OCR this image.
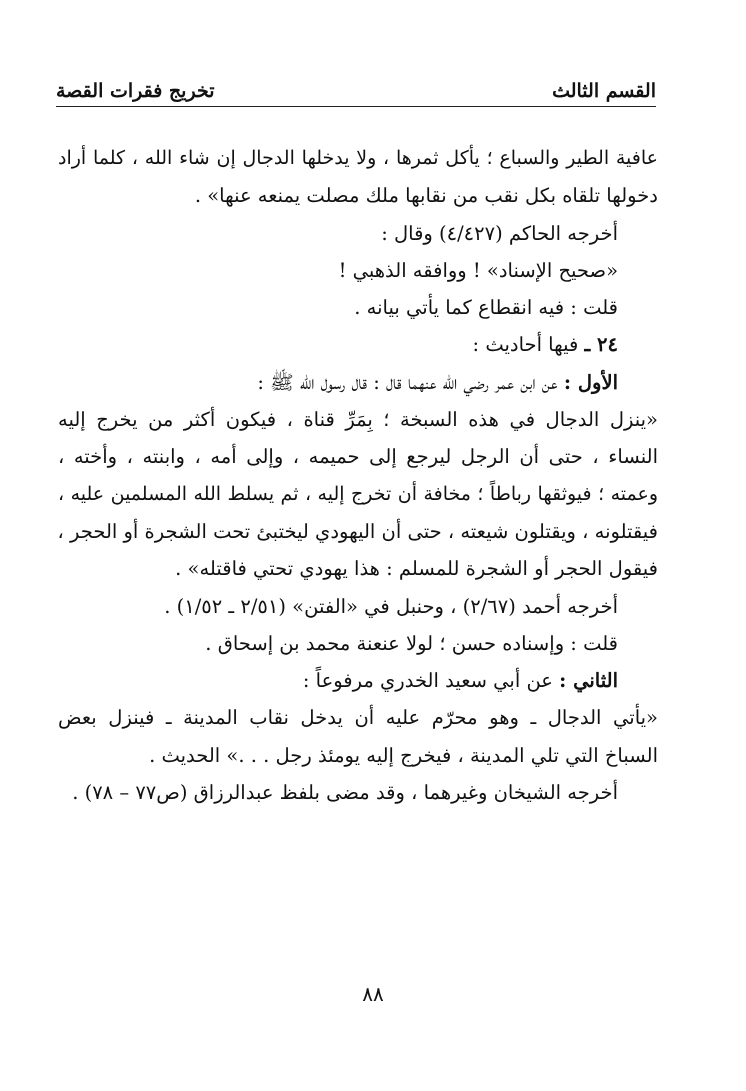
القسم الثالث
تخريج فقرات القصة
عافية الطير والسباع ؛ يأكل ثمرها ، ولا يدخلها الدجال إن شاء الله ، كلما أراد
دخولها تلقاه بكل نقب من نقابها ملك مصلت يمنعه عنها» .
أخرجه الحاكم (٤/٤٢٧) وقال :
«صحيح الإسناد» ! ووافقه الذهبي !
قلت : فيه انقطاع كما يأتي بيانه .
٢٤ ـ فيها أحاديث :
الأول : عن ابن عمر رضي الله عنهما قال : قال رسول الله ﷺ :
«ينزل الدجال في هذه السبخة ؛ بِمَرِّ قناة ، فيكون أكثر من يخرج إليه
النساء ، حتى أن الرجل ليرجع إلى حميمه ، وإلى أمه ، وابنته ، وأخته ،
وعمته ؛ فيوثقها رباطاً ؛ مخافة أن تخرج إليه ، ثم يسلط الله المسلمين عليه ،
فيقتلونه ، ويقتلون شيعته ، حتى أن اليهودي ليختبئ تحت الشجرة أو الحجر ،
فيقول الحجر أو الشجرة للمسلم : هذا يهودي تحتي فاقتله» .
أخرجه أحمد (٢/٦٧) ، وحنبل في «الفتن» (٢/٥١ ـ ١/٥٢) .
قلت : وإسناده حسن ؛ لولا عنعنة محمد بن إسحاق .
الثاني : عن أبي سعيد الخدري مرفوعاً :
«يأتي الدجال ـ وهو محرّم عليه أن يدخل نقاب المدينة ـ فينزل بعض
السباخ التي تلي المدينة ، فيخرج إليه يومئذ رجل . . .» الحديث .
أخرجه الشيخان وغيرهما ، وقد مضى بلفظ عبدالرزاق (ص٧٧ – ٧٨) .
٨٨
